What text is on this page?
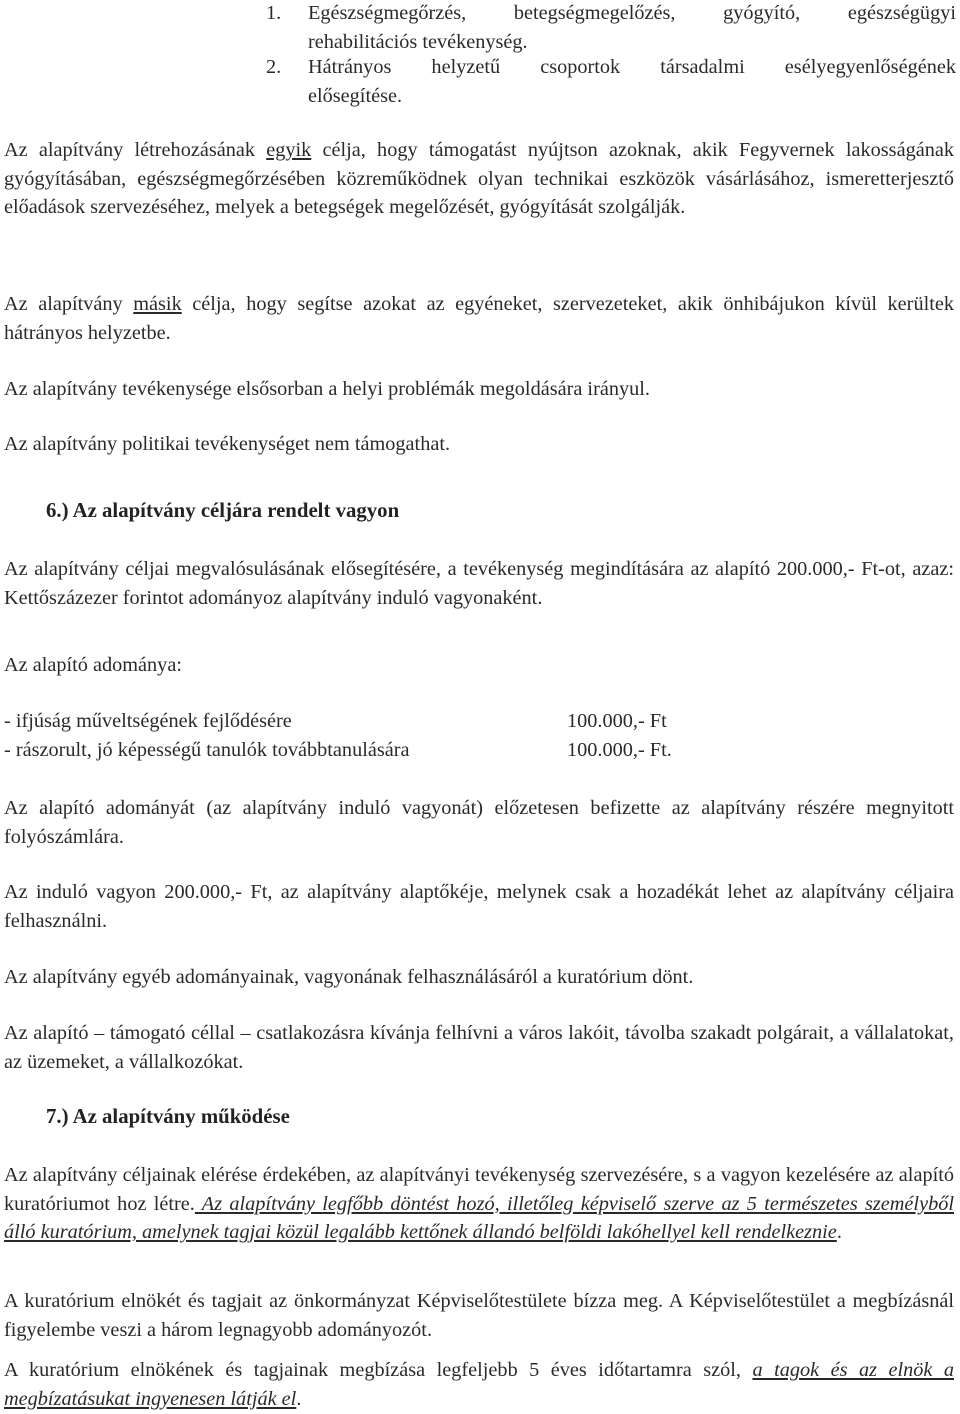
1. Egészségmegőrzés, betegségmegelőzés, gyógyító, egészségügyi
rehabilitációs tevékenység.
2. Hátrányos helyzetű csoportok társadalmi esélyegyenlőségének
elősegítése.
Az alapítvány létrehozásának egyik célja, hogy támogatást nyújtson azoknak, akik Fegyvernek lakosságának gyógyításában, egészségmegőrzésében közreműködnek olyan technikai eszközök vásárlásához, ismeretterjesztő előadások szervezéséhez, melyek a betegségek megelőzését, gyógyítását szolgálják.
Az alapítvány másik célja, hogy segítse azokat az egyéneket, szervezeteket, akik önhibájukon kívül kerültek hátrányos helyzetbe.
Az alapítvány tevékenysége elsősorban a helyi problémák megoldására irányul.
Az alapítvány politikai tevékenységet nem támogathat.
6.) Az alapítvány céljára rendelt vagyon
Az alapítvány céljai megvalósulásának elősegítésére, a tevékenység megindítására az alapító 200.000,- Ft-ot, azaz: Kettőszázezer forintot adományoz alapítvány induló vagyonaként.
Az alapító adománya:
- ifjúság műveltségének fejlődésére	100.000,- Ft
- rászorult, jó képességű tanulók továbbtanulására	100.000,- Ft.
Az alapító adományát (az alapítvány induló vagyonát) előzetesen befizette az alapítvány részére megnyitott folyószámlára.
Az induló vagyon 200.000,- Ft, az alapítvány alaptőkéje, melynek csak a hozadékát lehet az alapítvány céljaira felhasználni.
Az alapítvány egyéb adományainak, vagyonának felhasználásáról a kuratórium dönt.
Az alapító – támogató céllal – csatlakozásra kívánja felhívni a város lakóit, távolba szakadt polgárait, a vállalatokat, az üzemeket, a vállalkozókat.
7.) Az alapítvány működése
Az alapítvány céljainak elérése érdekében, az alapítványi tevékenység szervezésére, s a vagyon kezelésére az alapító kuratóriumot hoz létre. Az alapítvány legfőbb döntést hozó, illetőleg képviselő szerve az 5 természetes személyből álló kuratórium, amelynek tagjai közül legalább kettőnek állandó belföldi lakóhellyel kell rendelkeznie.
A kuratórium elnökét és tagjait az önkormányzat Képviselőtestülete bízza meg. A Képviselőtestület a megbízásnál figyelembe veszi a három legnagyobb adományozót.
A kuratórium elnökének és tagjainak megbízása legfeljebb 5 éves időtartamra szól, a tagok és az elnök a megbízatásukat ingyenesen látják el.
